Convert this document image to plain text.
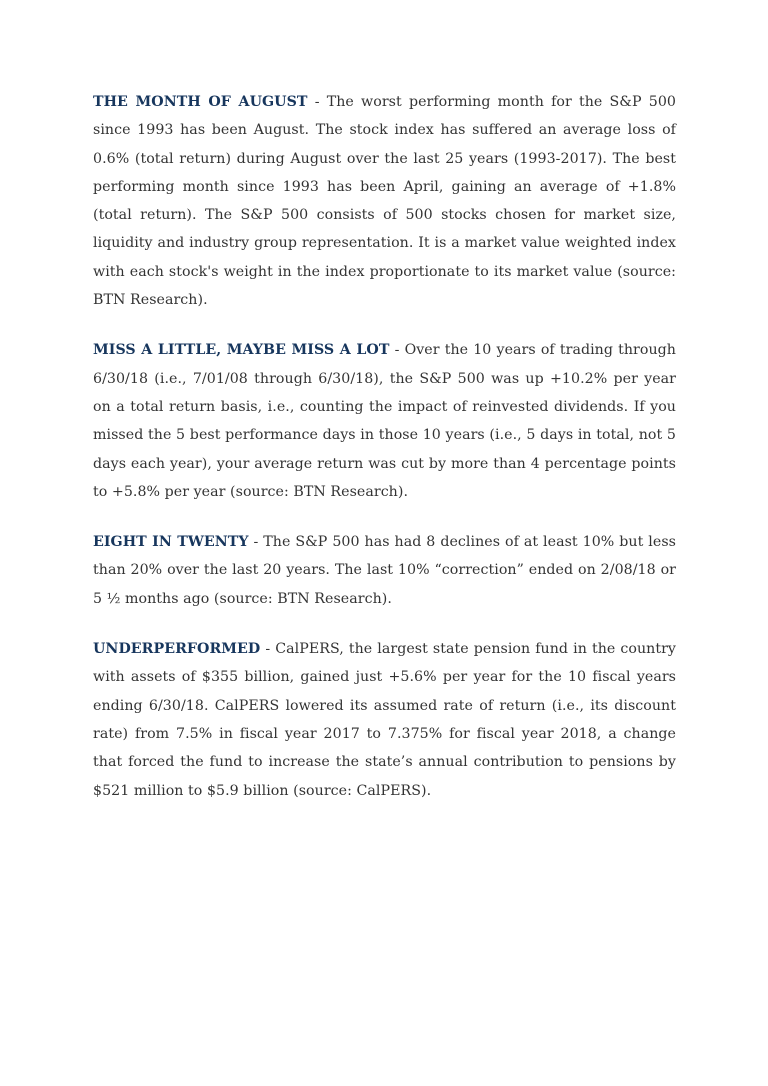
THE MONTH OF AUGUST - The worst performing month for the S&P 500 since 1993 has been August. The stock index has suffered an average loss of 0.6% (total return) during August over the last 25 years (1993-2017). The best performing month since 1993 has been April, gaining an average of +1.8% (total return). The S&P 500 consists of 500 stocks chosen for market size, liquidity and industry group representation. It is a market value weighted index with each stock's weight in the index proportionate to its market value (source: BTN Research).

MISS A LITTLE, MAYBE MISS A LOT - Over the 10 years of trading through 6/30/18 (i.e., 7/01/08 through 6/30/18), the S&P 500 was up +10.2% per year on a total return basis, i.e., counting the impact of reinvested dividends. If you missed the 5 best performance days in those 10 years (i.e., 5 days in total, not 5 days each year), your average return was cut by more than 4 percentage points to +5.8% per year (source: BTN Research).

EIGHT IN TWENTY - The S&P 500 has had 8 declines of at least 10% but less than 20% over the last 20 years. The last 10% “correction” ended on 2/08/18 or 5 ½ months ago (source: BTN Research).

UNDERPERFORMED - CalPERS, the largest state pension fund in the country with assets of $355 billion, gained just +5.6% per year for the 10 fiscal years ending 6/30/18. CalPERS lowered its assumed rate of return (i.e., its discount rate) from 7.5% in fiscal year 2017 to 7.375% for fiscal year 2018, a change that forced the fund to increase the state’s annual contribution to pensions by $521 million to $5.9 billion (source: CalPERS).
